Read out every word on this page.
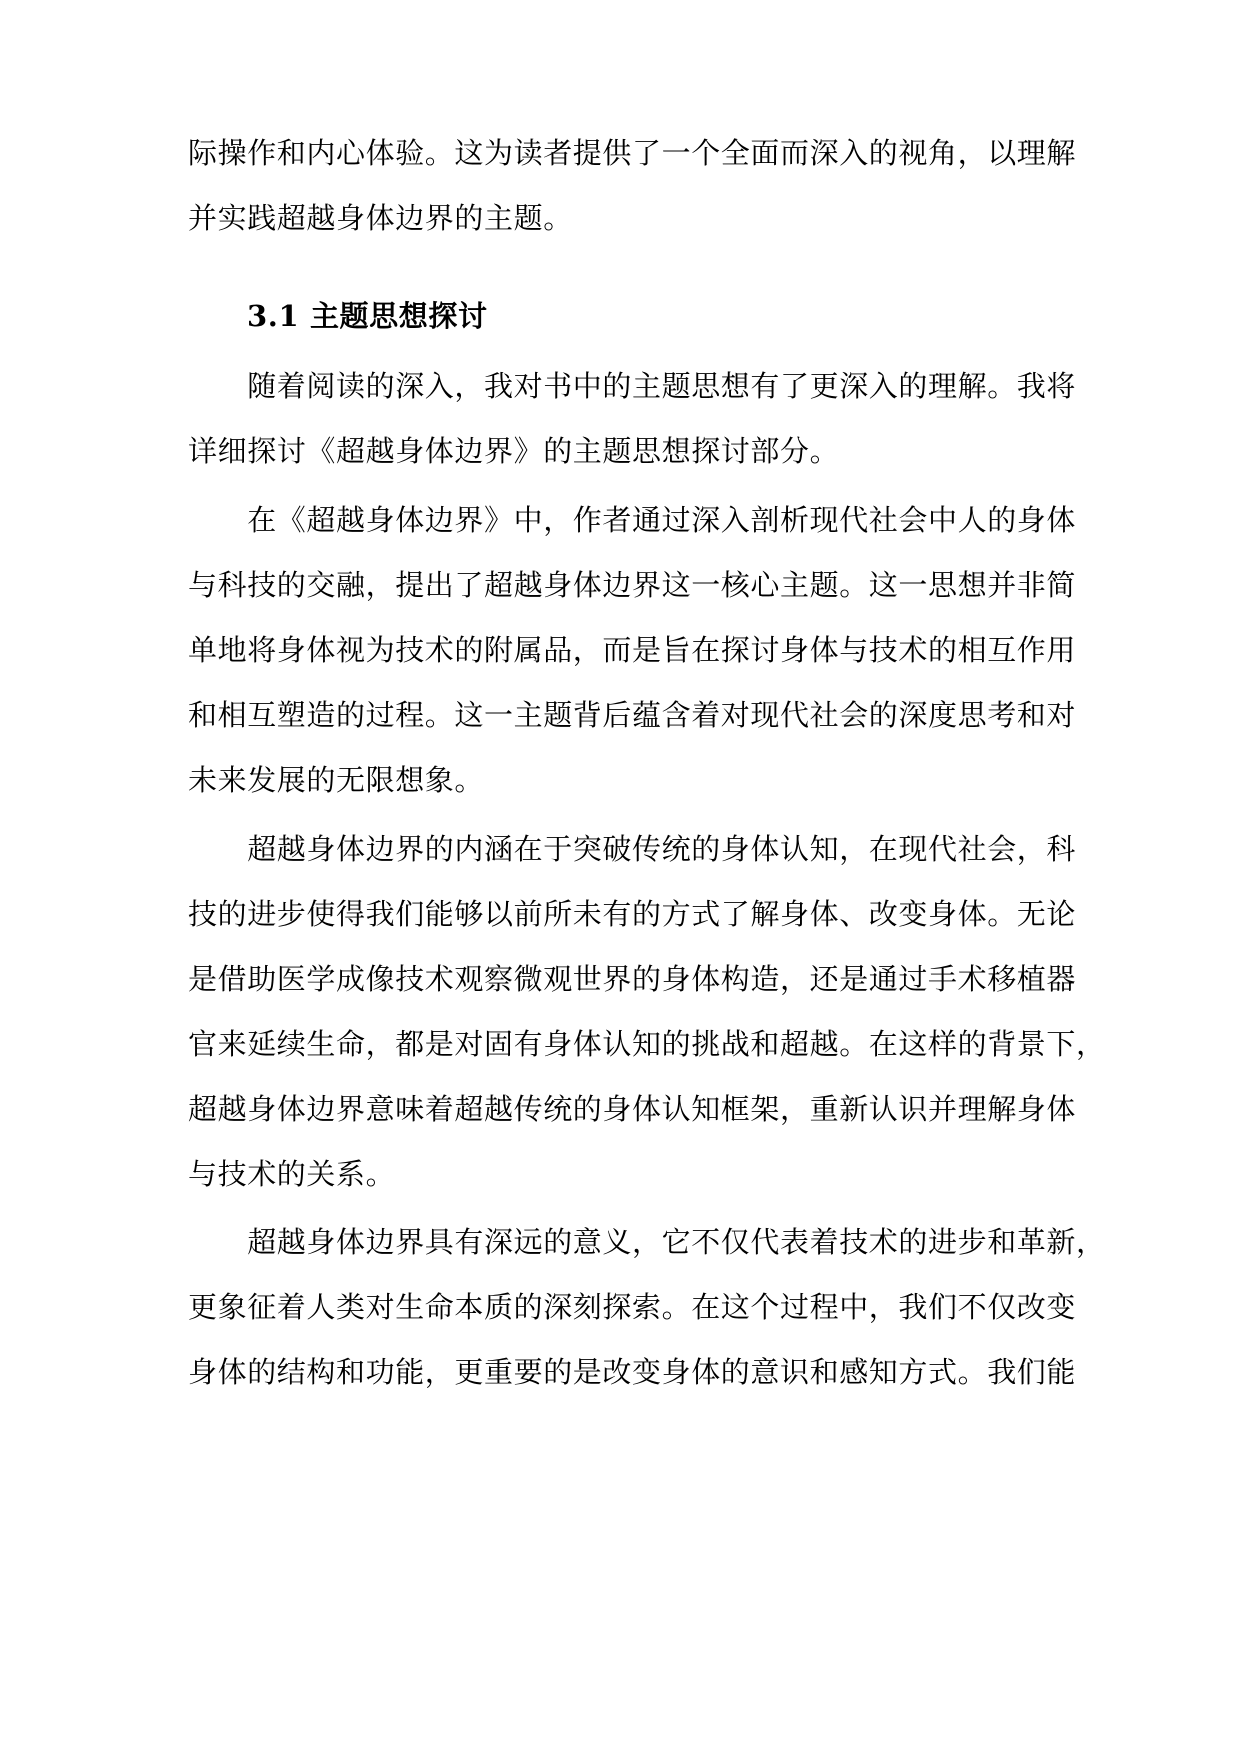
际操作和内心体验。这为读者提供了一个全面而深入的视角，以理解
并实践超越身体边界的主题。
3.1 主题思想探讨
　　随着阅读的深入，我对书中的主题思想有了更深入的理解。我将
详细探讨《超越身体边界》的主题思想探讨部分。
　　在《超越身体边界》中，作者通过深入剖析现代社会中人的身体
与科技的交融，提出了超越身体边界这一核心主题。这一思想并非简
单地将身体视为技术的附属品，而是旨在探讨身体与技术的相互作用
和相互塑造的过程。这一主题背后蕴含着对现代社会的深度思考和对
未来发展的无限想象。
　　超越身体边界的内涵在于突破传统的身体认知，在现代社会，科
技的进步使得我们能够以前所未有的方式了解身体、改变身体。无论
是借助医学成像技术观察微观世界的身体构造，还是通过手术移植器
官来延续生命，都是对固有身体认知的挑战和超越。在这样的背景下，
超越身体边界意味着超越传统的身体认知框架，重新认识并理解身体
与技术的关系。
　　超越身体边界具有深远的意义，它不仅代表着技术的进步和革新，
更象征着人类对生命本质的深刻探索。在这个过程中，我们不仅改变
身体的结构和功能，更重要的是改变身体的意识和感知方式。我们能
